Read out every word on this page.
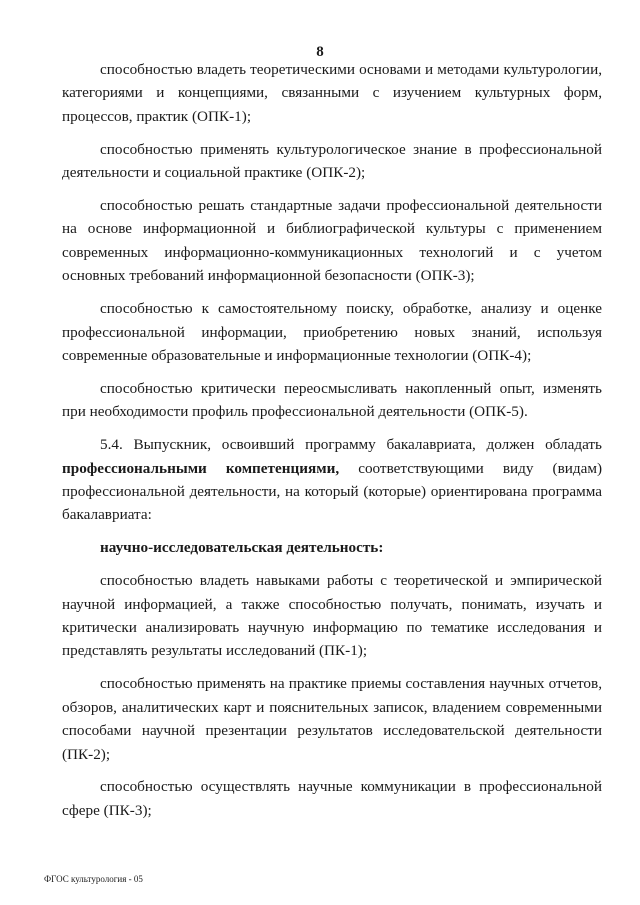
8

способностью владеть теоретическими основами и методами культурологии, категориями и концепциями, связанными с изучением культурных форм, процессов, практик (ОПК-1);

способностью применять культурологическое знание в профессиональной деятельности и социальной практике (ОПК-2);

способностью решать стандартные задачи профессиональной деятельности на основе информационной и библиографической культуры с применением современных информационно-коммуникационных технологий и с учетом основных требований информационной безопасности (ОПК-3);

способностью к самостоятельному поиску, обработке, анализу и оценке профессиональной информации, приобретению новых знаний, используя современные образовательные и информационные технологии (ОПК-4);

способностью критически переосмысливать накопленный опыт, изменять при необходимости профиль профессиональной деятельности (ОПК-5).

5.4. Выпускник, освоивший программу бакалавриата, должен обладать профессиональными компетенциями, соответствующими виду (видам) профессиональной деятельности, на который (которые) ориентирована программа бакалавриата:

научно-исследовательская деятельность:

способностью владеть навыками работы с теоретической и эмпирической научной информацией, а также способностью получать, понимать, изучать и критически анализировать научную информацию по тематике исследования и представлять результаты исследований (ПК-1);

способностью применять на практике приемы составления научных отчетов, обзоров, аналитических карт и пояснительных записок, владением современными способами научной презентации результатов исследовательской деятельности (ПК-2);

способностью осуществлять научные коммуникации в профессиональной сфере (ПК-3);

ФГОС культурология - 05
